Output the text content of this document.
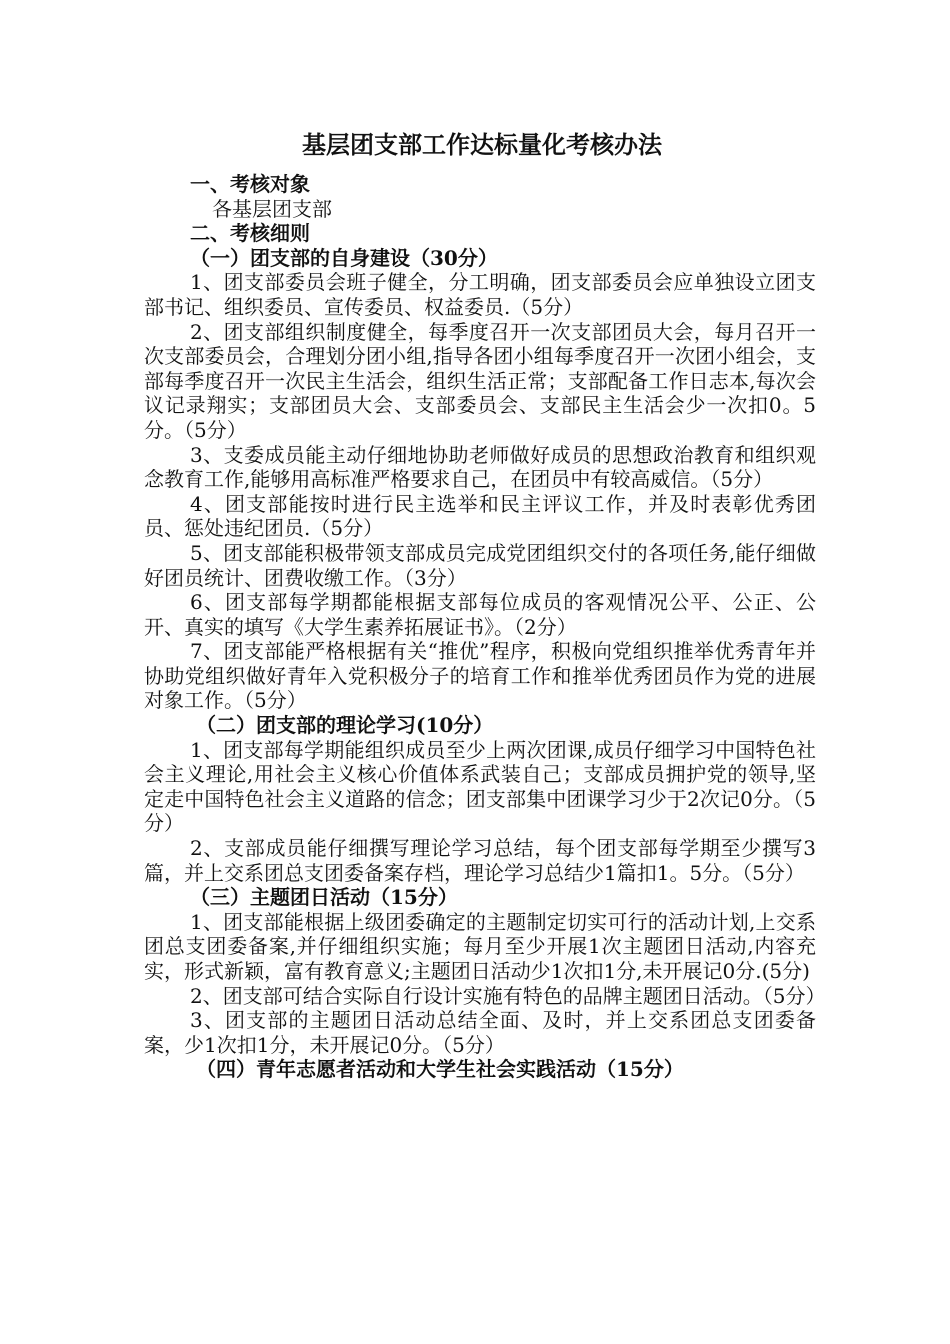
基层团支部工作达标量化考核办法
一、考核对象
各基层团支部
二、考核细则
（一）团支部的自身建设（30分）
1、团支部委员会班子健全，分工明确，团支部委员会应单独设立团支部书记、组织委员、宣传委员、权益委员.（5分）
2、团支部组织制度健全，每季度召开一次支部团员大会，每月召开一次支部委员会，合理划分团小组,指导各团小组每季度召开一次团小组会，支部每季度召开一次民主生活会，组织生活正常；支部配备工作日志本,每次会议记录翔实；支部团员大会、支部委员会、支部民主生活会少一次扣0。5分。（5分）
3、支委成员能主动仔细地协助老师做好成员的思想政治教育和组织观念教育工作,能够用高标准严格要求自己，在团员中有较高威信。（5分）
4、团支部能按时进行民主选举和民主评议工作，并及时表彰优秀团员、惩处违纪团员.（5分）
5、团支部能积极带领支部成员完成党团组织交付的各项任务,能仔细做好团员统计、团费收缴工作。（3分）
6、团支部每学期都能根据支部每位成员的客观情况公平、公正、公开、真实的填写《大学生素养拓展证书》。（2分）
7、团支部能严格根据有关“推优”程序，积极向党组织推举优秀青年并协助党组织做好青年入党积极分子的培育工作和推举优秀团员作为党的进展对象工作。（5分）
（二）团支部的理论学习(10分）
1、团支部每学期能组织成员至少上两次团课,成员仔细学习中国特色社会主义理论,用社会主义核心价值体系武装自己；支部成员拥护党的领导,坚定走中国特色社会主义道路的信念；团支部集中团课学习少于2次记0分。（5分）
2、支部成员能仔细撰写理论学习总结，每个团支部每学期至少撰写3篇，并上交系团总支团委备案存档，理论学习总结少1篇扣1。5分。（5分）
（三）主题团日活动（15分）
1、团支部能根据上级团委确定的主题制定切实可行的活动计划,上交系团总支团委备案,并仔细组织实施；每月至少开展1次主题团日活动,内容充实，形式新颖，富有教育意义;主题团日活动少1次扣1分,未开展记0分.(5分)
2、团支部可结合实际自行设计实施有特色的品牌主题团日活动。（5分）
3、团支部的主题团日活动总结全面、及时，并上交系团总支团委备案，少1次扣1分，未开展记0分。（5分）
（四）青年志愿者活动和大学生社会实践活动（15分）
